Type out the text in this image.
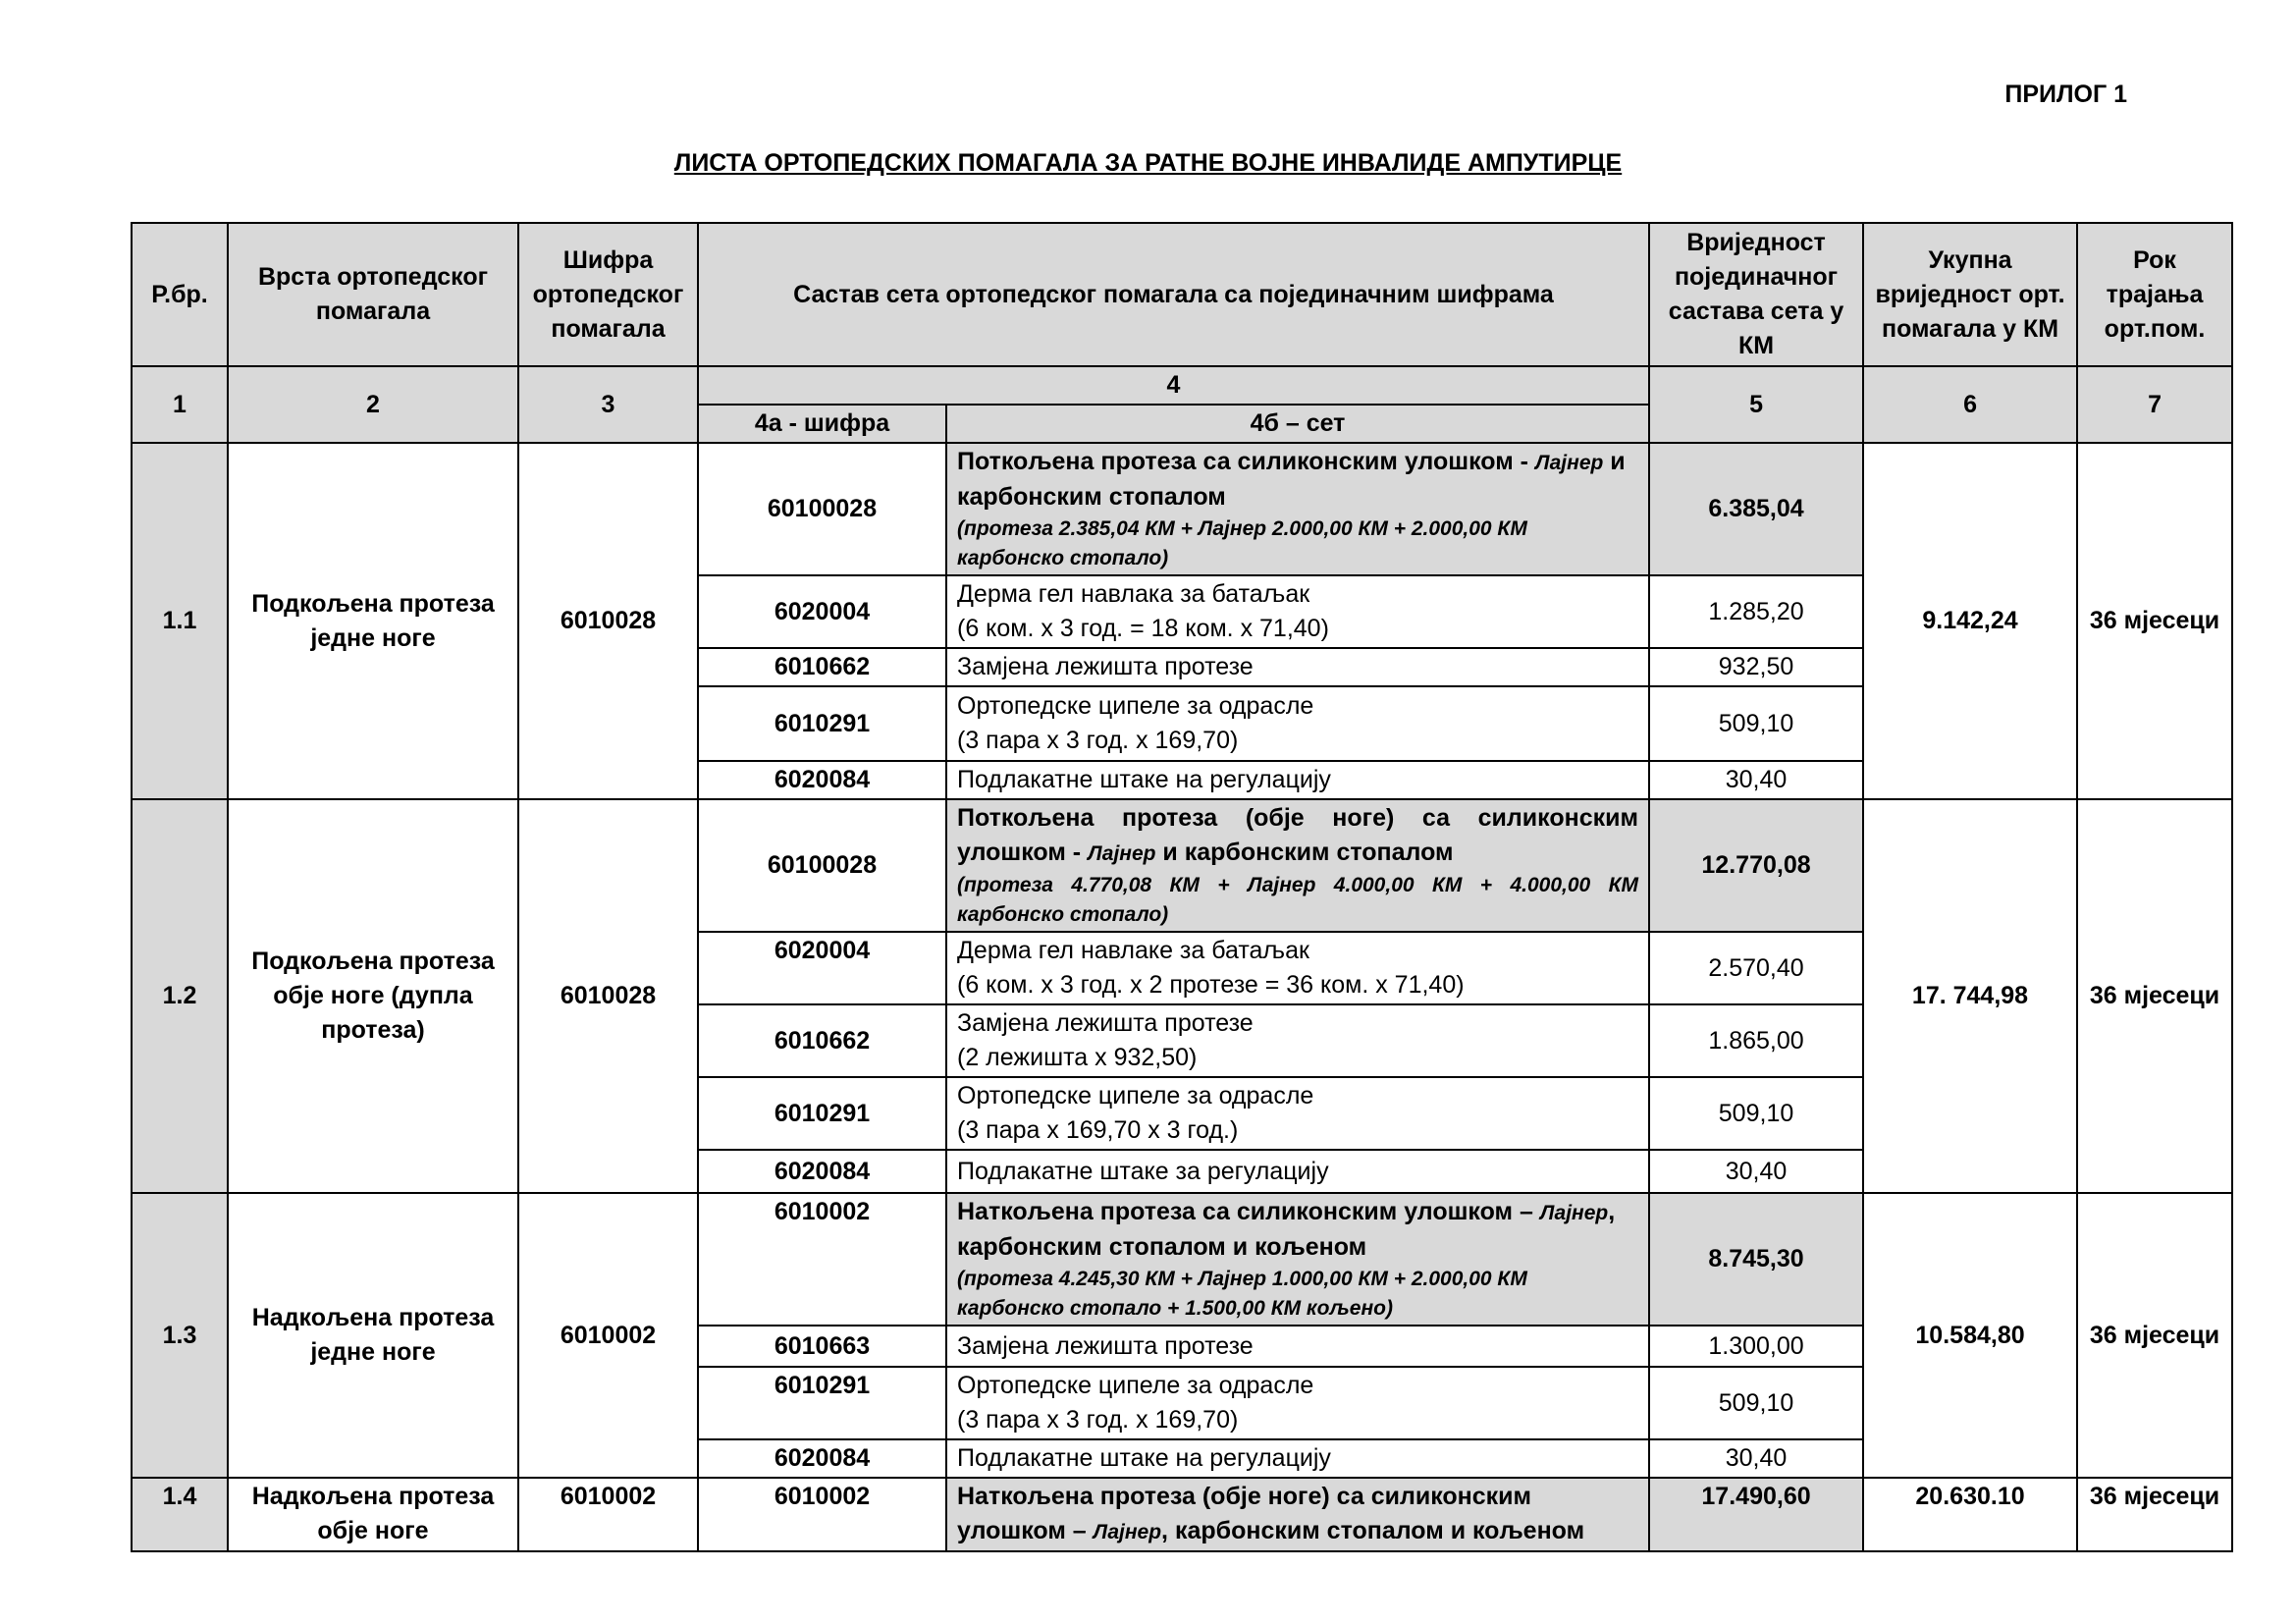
ПРИЛОГ 1
ЛИСТА ОРТОПЕДСКИХ ПОМАГАЛА ЗА РАТНЕ ВОЈНЕ ИНВАЛИДЕ АМПУТИРЦЕ
Р.бр.	Врста ортопедског помагала	Шифра ортопедског помагала	Састав сета ортопедског помагала са појединачним шифрама		Вриједност појединачног састава сета у КМ	Укупна вриједност орт. помагала у КМ	Рок трајања орт.пом.
1	2	3	4		5	6	7
			4а - шифра	4б – сет			
1.1	Подкољена протеза једне ноге	6010028	60100028	Поткољена протеза са силиконским улошком - Лајнер и карбонским стопалом
(протеза 2.385,04 КМ + Лајнер 2.000,00 КМ + 2.000,00 КМ карбонско стопало)	6.385,04	9.142,24	36 мјесеци
			6020004	Дерма гел навлака за батаљак
(6 ком. х 3 год. = 18 ком. х 71,40)	1.285,20		
			6010662	Замјена лежишта протезе	932,50		
			6010291	Ортопедске ципеле за одрасле
(3 пара х 3 год. х 169,70)	509,10		
			6020084	Подлакатне штаке на регулацију	30,40		
1.2	Подкољена протеза обје ноге (дупла протеза)	6010028	60100028	Поткољена протеза (обје ноге) са силиконским улошком - Лајнер и карбонским стопалом
(протеза 4.770,08 КМ + Лајнер 4.000,00 КМ + 4.000,00 КМ карбонско стопало)	12.770,08	17. 744,98	36 мјесеци
			6020004	Дерма гел навлаке за батаљак
(6 ком. х 3 год. х 2 протезе = 36 ком. х 71,40)	2.570,40		
			6010662	Замјена лежишта протезе
(2 лежишта х 932,50)	1.865,00		
			6010291	Ортопедске ципеле за одрасле
(3 пара х 169,70 х 3 год.)	509,10		
			6020084	Подлакатне штаке за регулацију	30,40		
1.3	Надкољена протеза једне ноге	6010002	6010002	Наткољена протеза са силиконским улошком – Лајнер, карбонским стопалом и кољеном
(протеза 4.245,30 КМ + Лајнер 1.000,00 КМ + 2.000,00 КМ карбонско стопало + 1.500,00 КМ кољено)	8.745,30	10.584,80	36 мјесеци
			6010663	Замјена лежишта протезе	1.300,00		
			6010291	Ортопедске ципеле за одрасле
(3 пара х 3 год. х 169,70)	509,10		
			6020084	Подлакатне штаке на регулацију	30,40		
1.4	Надкољена протеза обје ноге	6010002	6010002	Наткољена протеза (обје ноге) са силиконским улошком – Лајнер, карбонским стопалом и кољеном	17.490,60	20.630.10	36 мјесеци
